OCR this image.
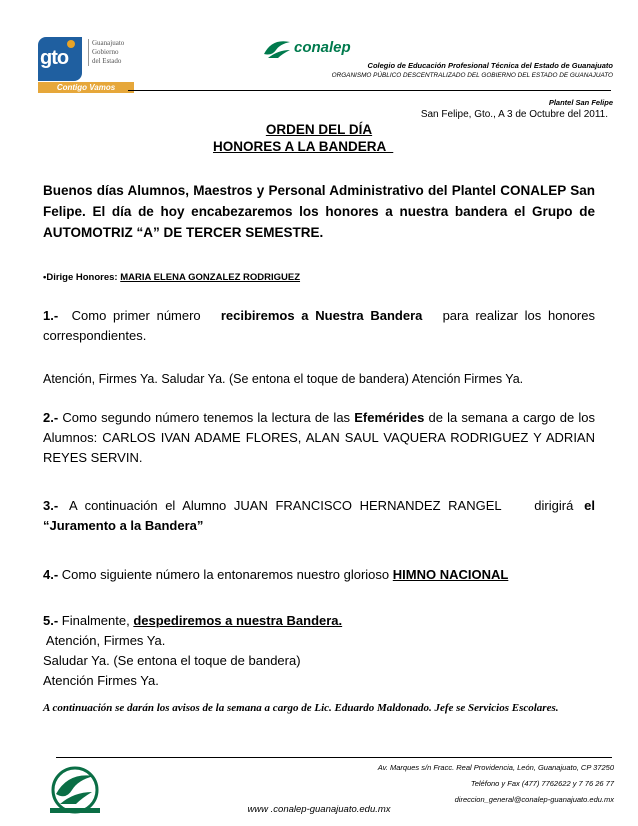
gto
Guanajuato
Gobierno
del Estado
Contigo Vamos
conalep
Colegio de Educación Profesional Técnica del Estado de Guanajuato
ORGANISMO PÚBLICO DESCENTRALIZADO DEL GOBIERNO DEL ESTADO DE GUANAJUATO
Plantel San Felipe
San Felipe, Gto., A 3 de Octubre del 2011.
ORDEN DEL DÍA
HONORES A LA BANDERA
Buenos días Alumnos, Maestros y Personal Administrativo del Plantel CONALEP San Felipe. El día de hoy encabezaremos los honores a nuestra bandera el Grupo de AUTOMOTRIZ “A” DE TERCER SEMESTRE.
•Dirige Honores: MARIA ELENA GONZALEZ RODRIGUEZ
1.- Como primer número recibiremos a Nuestra Bandera para realizar los honores correspondientes.
Atención, Firmes Ya. Saludar Ya. (Se entona el toque de bandera) Atención Firmes Ya.
2.- Como segundo número tenemos la lectura de las Efemérides de la semana a cargo de los Alumnos: CARLOS IVAN ADAME FLORES, ALAN SAUL VAQUERA RODRIGUEZ Y ADRIAN REYES SERVIN.
3.- A continuación el Alumno JUAN FRANCISCO HERNANDEZ RANGEL	dirigirá el
“Juramento a la Bandera”
4.- Como siguiente número la entonaremos nuestro glorioso HIMNO NACIONAL
5.- Finalmente, despediremos a nuestra Bandera.
Atención, Firmes Ya.
Saludar Ya. (Se entona el toque de bandera)
Atención Firmes Ya.
A continuación se darán los avisos de la semana a cargo de Lic. Eduardo Maldonado. Jefe se Servicios Escolares.
Av. Marques s/n Fracc. Real Providencia, León, Guanajuato, CP 37250
Teléfono y Fax (477) 7762622 y 7 76 26 77
direccion_general@conalep-guanajuato.edu.mx
www .conalep-guanajuato.edu.mx
